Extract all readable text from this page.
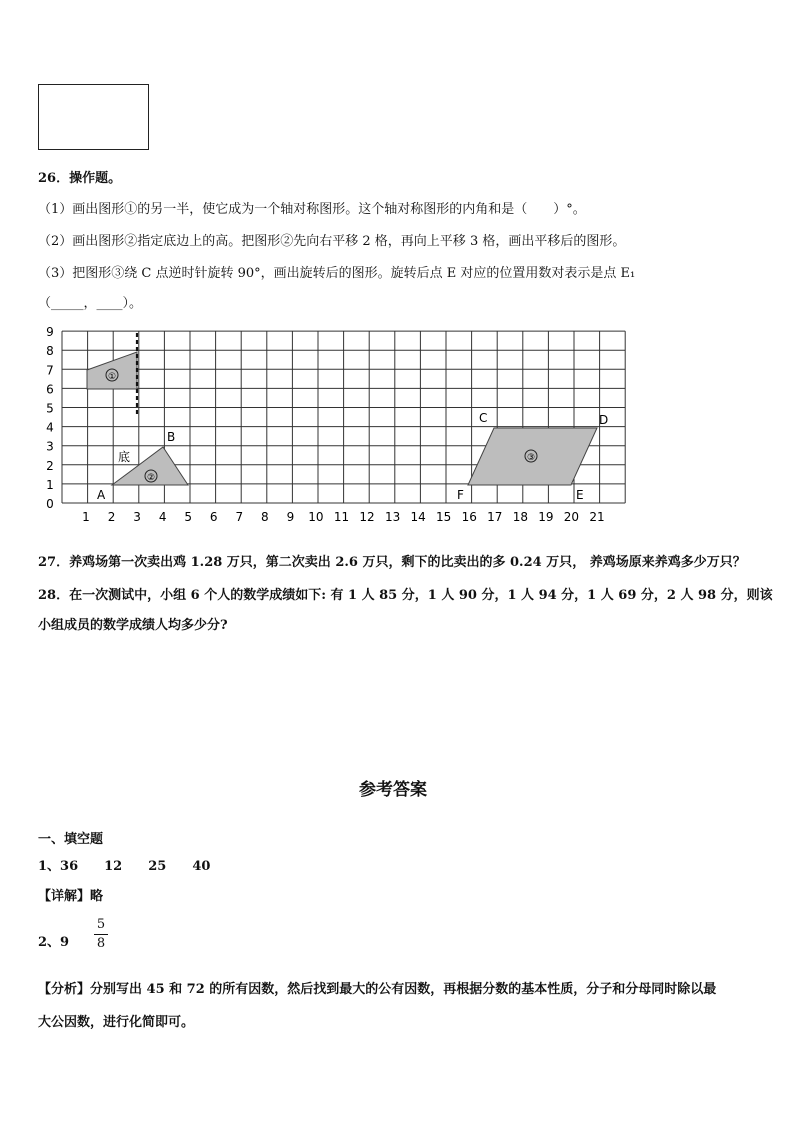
26．操作题。
（1）画出图形①的另一半，使它成为一个轴对称图形。这个轴对称图形的内角和是（　　）°。
（2）画出图形②指定底边上的高。把图形②先向右平移 2 格，再向上平移 3 格，画出平移后的图形。
（3）把图形③绕 C 点逆时针旋转 90°，画出旋转后的图形。旋转后点 E 对应的位置用数对表示是点 E₁
（_____，____）。
①
②
③
底
A
B
C	D
E
F
1 2 3 4 5 6 7 8 9 10 11 12 13 14 15 16 17 18 19 20 21
0
1
2
3
4
5
6
7
8
9
27．养鸡场第一次卖出鸡 1.28 万只，第二次卖出 2.6 万只，剩下的比卖出的多 0.24 万只， 养鸡场原来养鸡多少万只？
28．在一次测试中，小组 6 个人的数学成绩如下: 有 1 人 85 分，1 人 90 分，1 人 94 分，1 人 69 分，2 人 98 分，则该
小组成员的数学成绩人均多少分?
参考答案
一、填空题
1、36　　12　　25　　40
【详解】略
2、9
5
8
【分析】分别写出 45 和 72 的所有因数，然后找到最大的公有因数，再根据分数的基本性质，分子和分母同时除以最
大公因数，进行化简即可。
